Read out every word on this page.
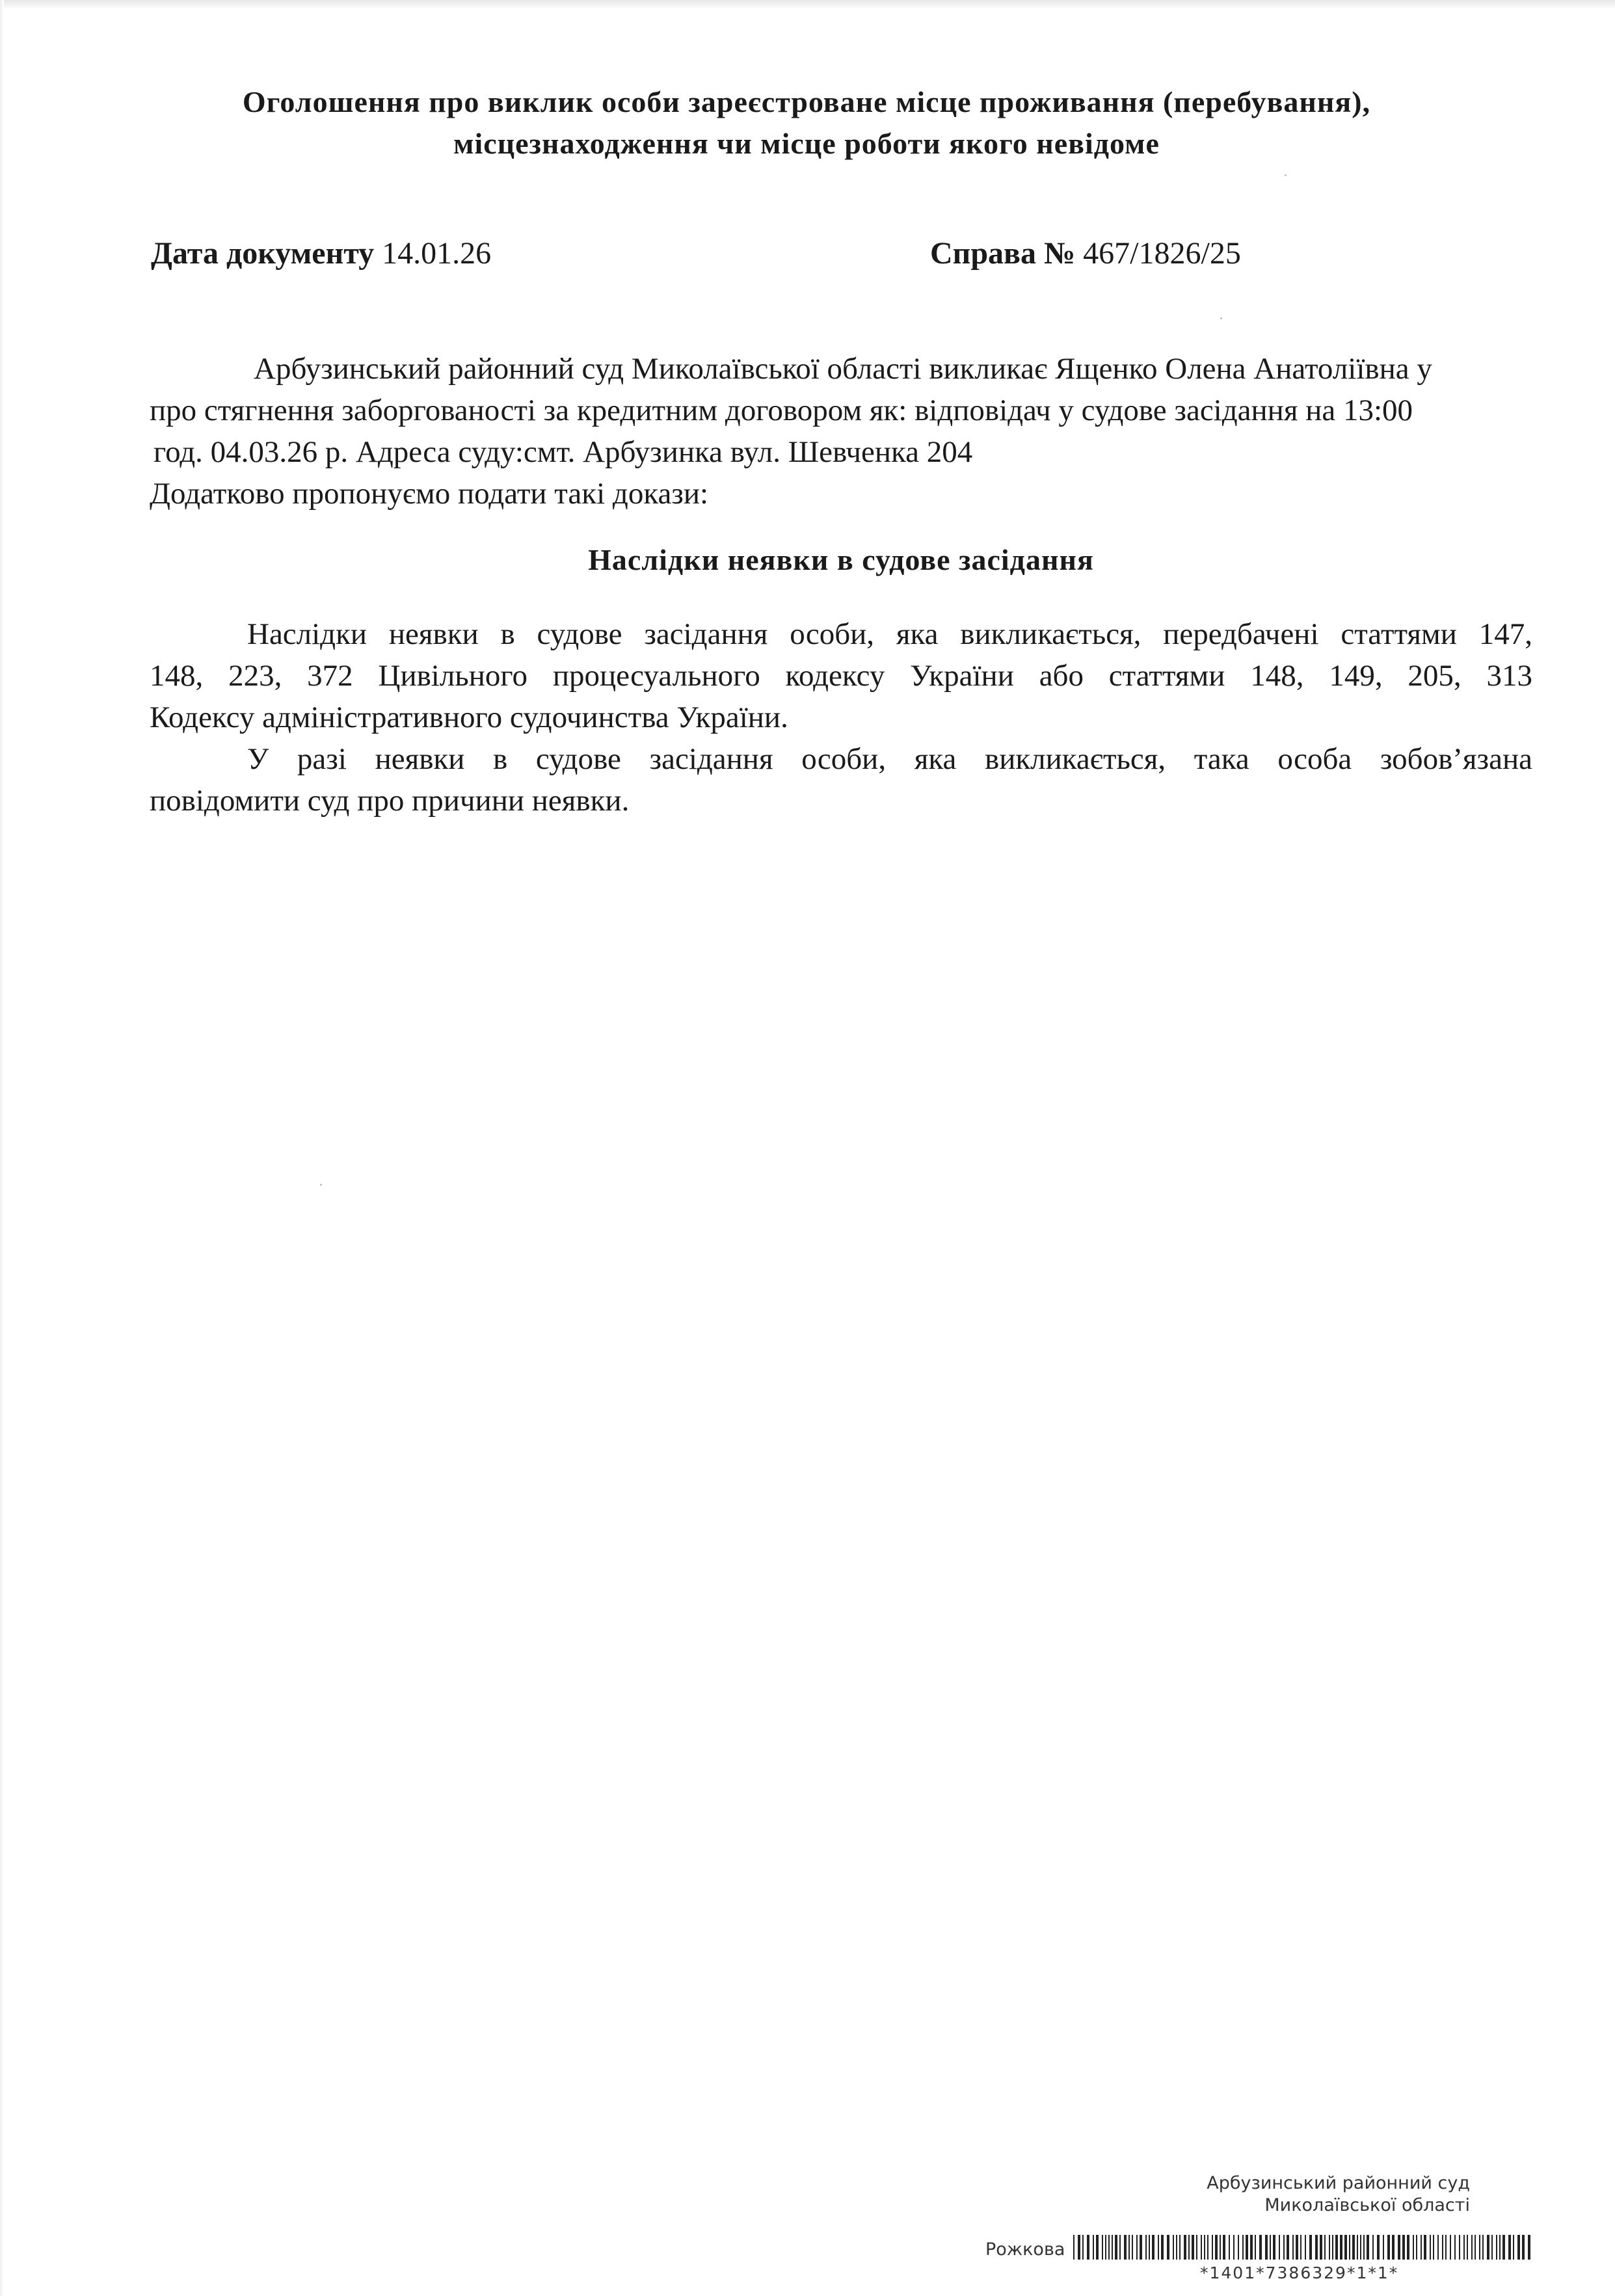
Оголошення про виклик особи зареєстроване місце проживання (перебування),
місцезнаходження чи місце роботи якого невідоме
Дата документу 14.01.26	Справа № 467/1826/25
Арбузинський районний суд Миколаївської області викликає Ященко Олена Анатоліївна у
про стягнення заборгованості за кредитним договором як: відповідач у судове засідання на 13:00
год. 04.03.26 р. Адреса суду:смт. Арбузинка вул. Шевченка 204
Додатково пропонуємо подати такі докази:
Наслідки неявки в судове засідання
Наслідки неявки в судове засідання особи, яка викликається, передбачені статтями 147,
148, 223, 372 Цивільного процесуального кодексу України або статтями 148, 149, 205, 313
Кодексу адміністративного судочинства України.
У разі неявки в судове засідання особи, яка викликається, така особа зобов’язана
повідомити суд про причини неявки.
Арбузинський районний суд
Миколаївської області
Рожкова
*1401*7386329*1*1*
